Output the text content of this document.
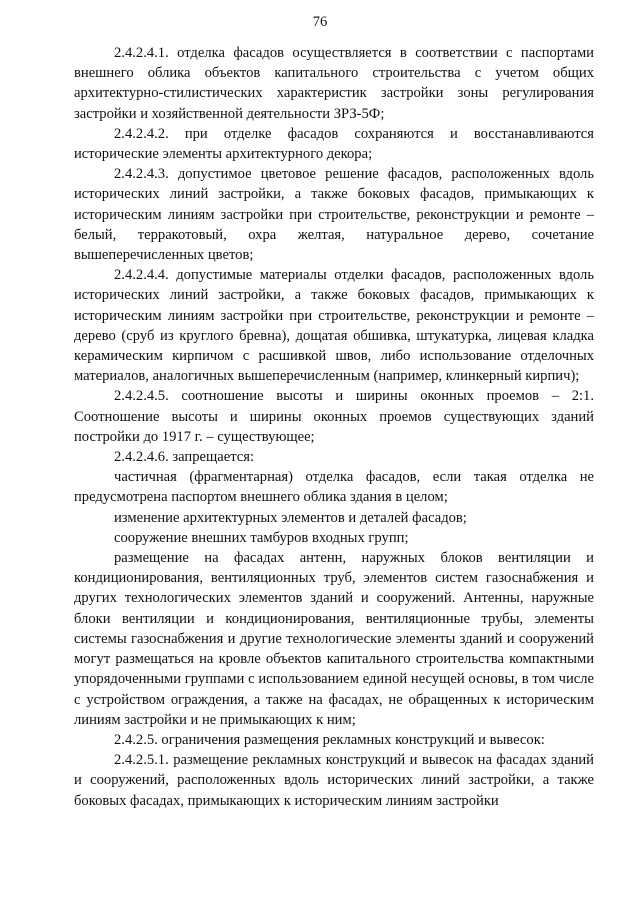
76

2.4.2.4.1. отделка фасадов осуществляется в соответствии с паспортами внешнего облика объектов капитального строительства с учетом общих архитектурно-стилистических характеристик застройки зоны регулирования застройки и хозяйственной деятельности ЗРЗ-5Ф;

2.4.2.4.2. при отделке фасадов сохраняются и восстанавливаются исторические элементы архитектурного декора;

2.4.2.4.3. допустимое цветовое решение фасадов, расположенных вдоль исторических линий застройки, а также боковых фасадов, примыкающих к историческим линиям застройки при строительстве, реконструкции и ремонте – белый, терракотовый, охра желтая, натуральное дерево, сочетание вышеперечисленных цветов;

2.4.2.4.4. допустимые материалы отделки фасадов, расположенных вдоль исторических линий застройки, а также боковых фасадов, примыкающих к историческим линиям застройки при строительстве, реконструкции и ремонте – дерево (сруб из круглого бревна), дощатая обшивка, штукатурка, лицевая кладка керамическим кирпичом с расшивкой швов, либо использование отделочных материалов, аналогичных вышеперечисленным (например, клинкерный кирпич);

2.4.2.4.5. соотношение высоты и ширины оконных проемов – 2:1. Соотношение высоты и ширины оконных проемов существующих зданий постройки до 1917 г. – существующее;

2.4.2.4.6. запрещается:

частичная (фрагментарная) отделка фасадов, если такая отделка не предусмотрена паспортом внешнего облика здания в целом;

изменение архитектурных элементов и деталей фасадов;

сооружение внешних тамбуров входных групп;

размещение на фасадах антенн, наружных блоков вентиляции и кондиционирования, вентиляционных труб, элементов систем газоснабжения и других технологических элементов зданий и сооружений. Антенны, наружные блоки вентиляции и кондиционирования, вентиляционные трубы, элементы системы газоснабжения и другие технологические элементы зданий и сооружений могут размещаться на кровле объектов капитального строительства компактными упорядоченными группами с использованием единой несущей основы, в том числе с устройством ограждения, а также на фасадах, не обращенных к историческим линиям застройки и не примыкающих к ним;

2.4.2.5. ограничения размещения рекламных конструкций и вывесок:

2.4.2.5.1. размещение рекламных конструкций и вывесок на фасадах зданий и сооружений, расположенных вдоль исторических линий застройки, а также боковых фасадах, примыкающих к историческим линиям застройки
